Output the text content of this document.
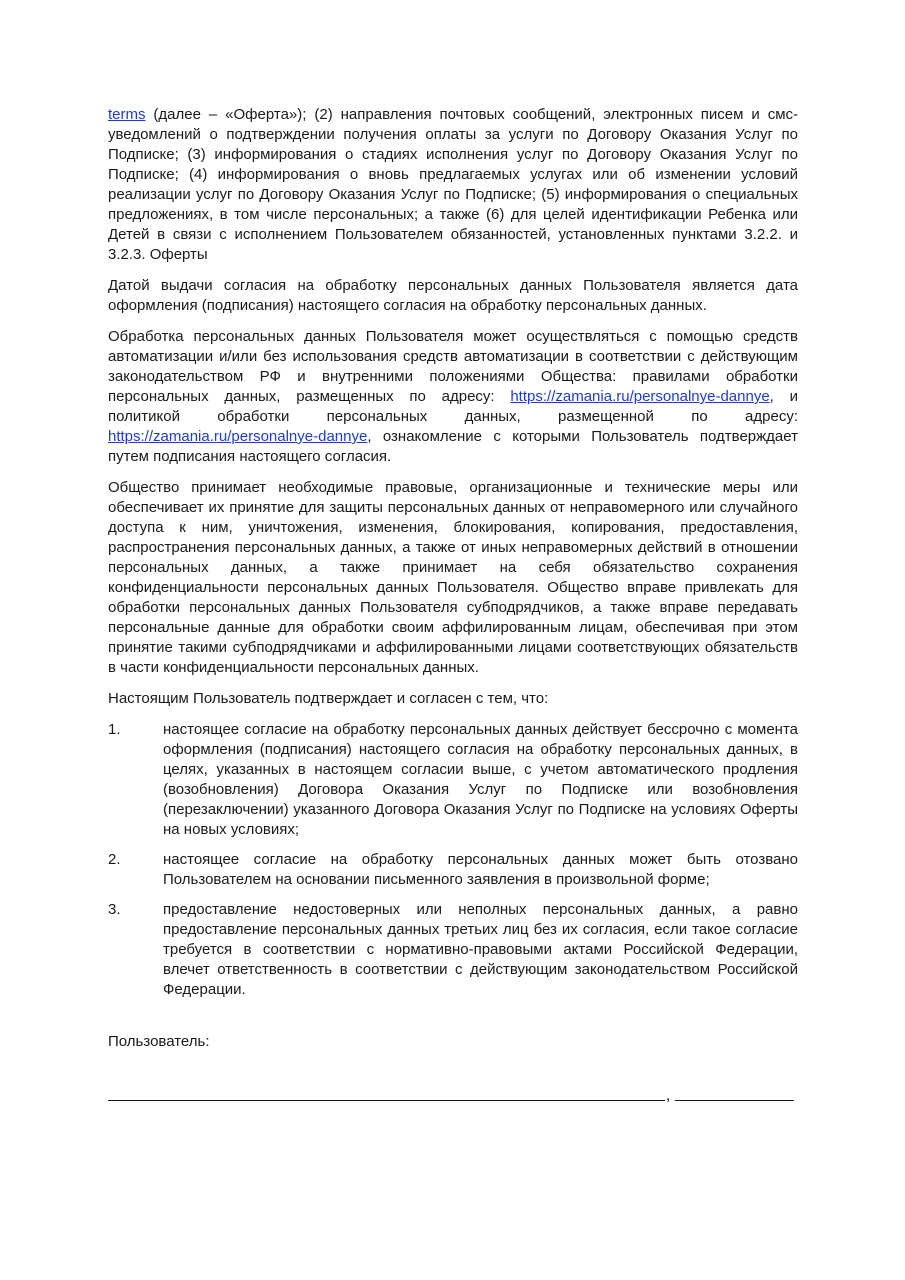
terms (далее – «Оферта»); (2) направления почтовых сообщений, электронных писем и смс-уведомлений о подтверждении получения оплаты за услуги по Договору Оказания Услуг по Подписке; (3) информирования о стадиях исполнения услуг по Договору Оказания Услуг по Подписке; (4) информирования о вновь предлагаемых услугах или об изменении условий реализации услуг по Договору Оказания Услуг по Подписке; (5) информирования о специальных предложениях, в том числе персональных; а также (6) для целей идентификации Ребенка или Детей в связи с исполнением Пользователем обязанностей, установленных пунктами 3.2.2. и 3.2.3. Оферты

Датой выдачи согласия на обработку персональных данных Пользователя является дата оформления (подписания) настоящего согласия на обработку персональных данных.

Обработка персональных данных Пользователя может осуществляться с помощью средств автоматизации и/или без использования средств автоматизации в соответствии с действующим законодательством РФ и внутренними положениями Общества: правилами обработки персональных данных, размещенных по адресу: https://zamania.ru/personalnye-dannye, и политикой обработки персональных данных, размещенной по адресу: https://zamania.ru/personalnye-dannye, ознакомление с которыми Пользователь подтверждает путем подписания настоящего согласия.

Общество принимает необходимые правовые, организационные и технические меры или обеспечивает их принятие для защиты персональных данных от неправомерного или случайного доступа к ним, уничтожения, изменения, блокирования, копирования, предоставления, распространения персональных данных, а также от иных неправомерных действий в отношении персональных данных, а также принимает на себя обязательство сохранения конфиденциальности персональных данных Пользователя. Общество вправе привлекать для обработки персональных данных Пользователя субподрядчиков, а также вправе передавать персональные данные для обработки своим аффилированным лицам, обеспечивая при этом принятие такими субподрядчиками и аффилированными лицами соответствующих обязательств в части конфиденциальности персональных данных.

Настоящим Пользователь подтверждает и согласен с тем, что:

1.	настоящее согласие на обработку персональных данных действует бессрочно с момента оформления (подписания) настоящего согласия на обработку персональных данных, в целях, указанных в настоящем согласии выше, с учетом автоматического продления (возобновления) Договора Оказания Услуг по Подписке или возобновления (перезаключении) указанного Договора Оказания Услуг по Подписке на условиях Оферты на новых условиях;
2.	настоящее согласие на обработку персональных данных может быть отозвано Пользователем на основании письменного заявления в произвольной форме;
3.	предоставление недостоверных или неполных персональных данных, а равно предоставление персональных данных третьих лиц без их согласия, если такое согласие требуется в соответствии с нормативно-правовыми актами Российской Федерации, влечет ответственность в соответствии с действующим законодательством Российской Федерации.

Пользователь:

,
